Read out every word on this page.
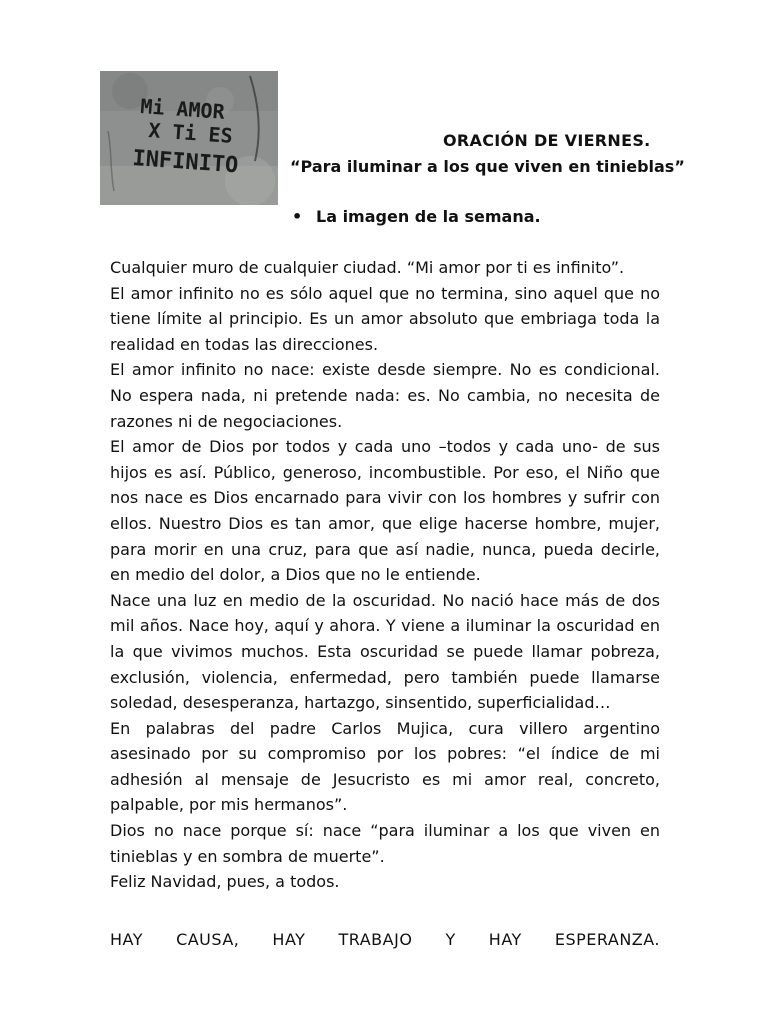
Mi AMOR
X Ti ES
INFINITO
ORACIÓN DE VIERNES.
“Para iluminar a los que viven en tinieblas”
• La imagen de la semana.

Cualquier muro de cualquier ciudad. “Mi amor por ti es infinito”.

El amor infinito no es sólo aquel que no termina, sino aquel que no tiene límite al principio. Es un amor absoluto que embriaga toda la realidad en todas las direcciones.

El amor infinito no nace: existe desde siempre. No es condicional. No espera nada, ni pretende nada: es. No cambia, no necesita de razones ni de negociaciones.

El amor de Dios por todos y cada uno –todos y cada uno- de sus hijos es así. Público, generoso, incombustible. Por eso, el Niño que nos nace es Dios encarnado para vivir con los hombres y sufrir con ellos. Nuestro Dios es tan amor, que elige hacerse hombre, mujer, para morir en una cruz, para que así nadie, nunca, pueda decirle, en medio del dolor, a Dios que no le entiende.

Nace una luz en medio de la oscuridad. No nació hace más de dos mil años. Nace hoy, aquí y ahora. Y viene a iluminar la oscuridad en la que vivimos muchos. Esta oscuridad se puede llamar pobreza, exclusión, violencia, enfermedad, pero también puede llamarse soledad, desesperanza, hartazgo, sinsentido, superficialidad…

En palabras del padre Carlos Mujica, cura villero argentino asesinado por su compromiso por los pobres: “el índice de mi adhesión al mensaje de Jesucristo es mi amor real, concreto, palpable, por mis hermanos”.

Dios no nace porque sí: nace “para iluminar a los que viven en tinieblas y en sombra de muerte”.

Feliz Navidad, pues, a todos.

HAY CAUSA, HAY TRABAJO Y HAY ESPERANZA.
